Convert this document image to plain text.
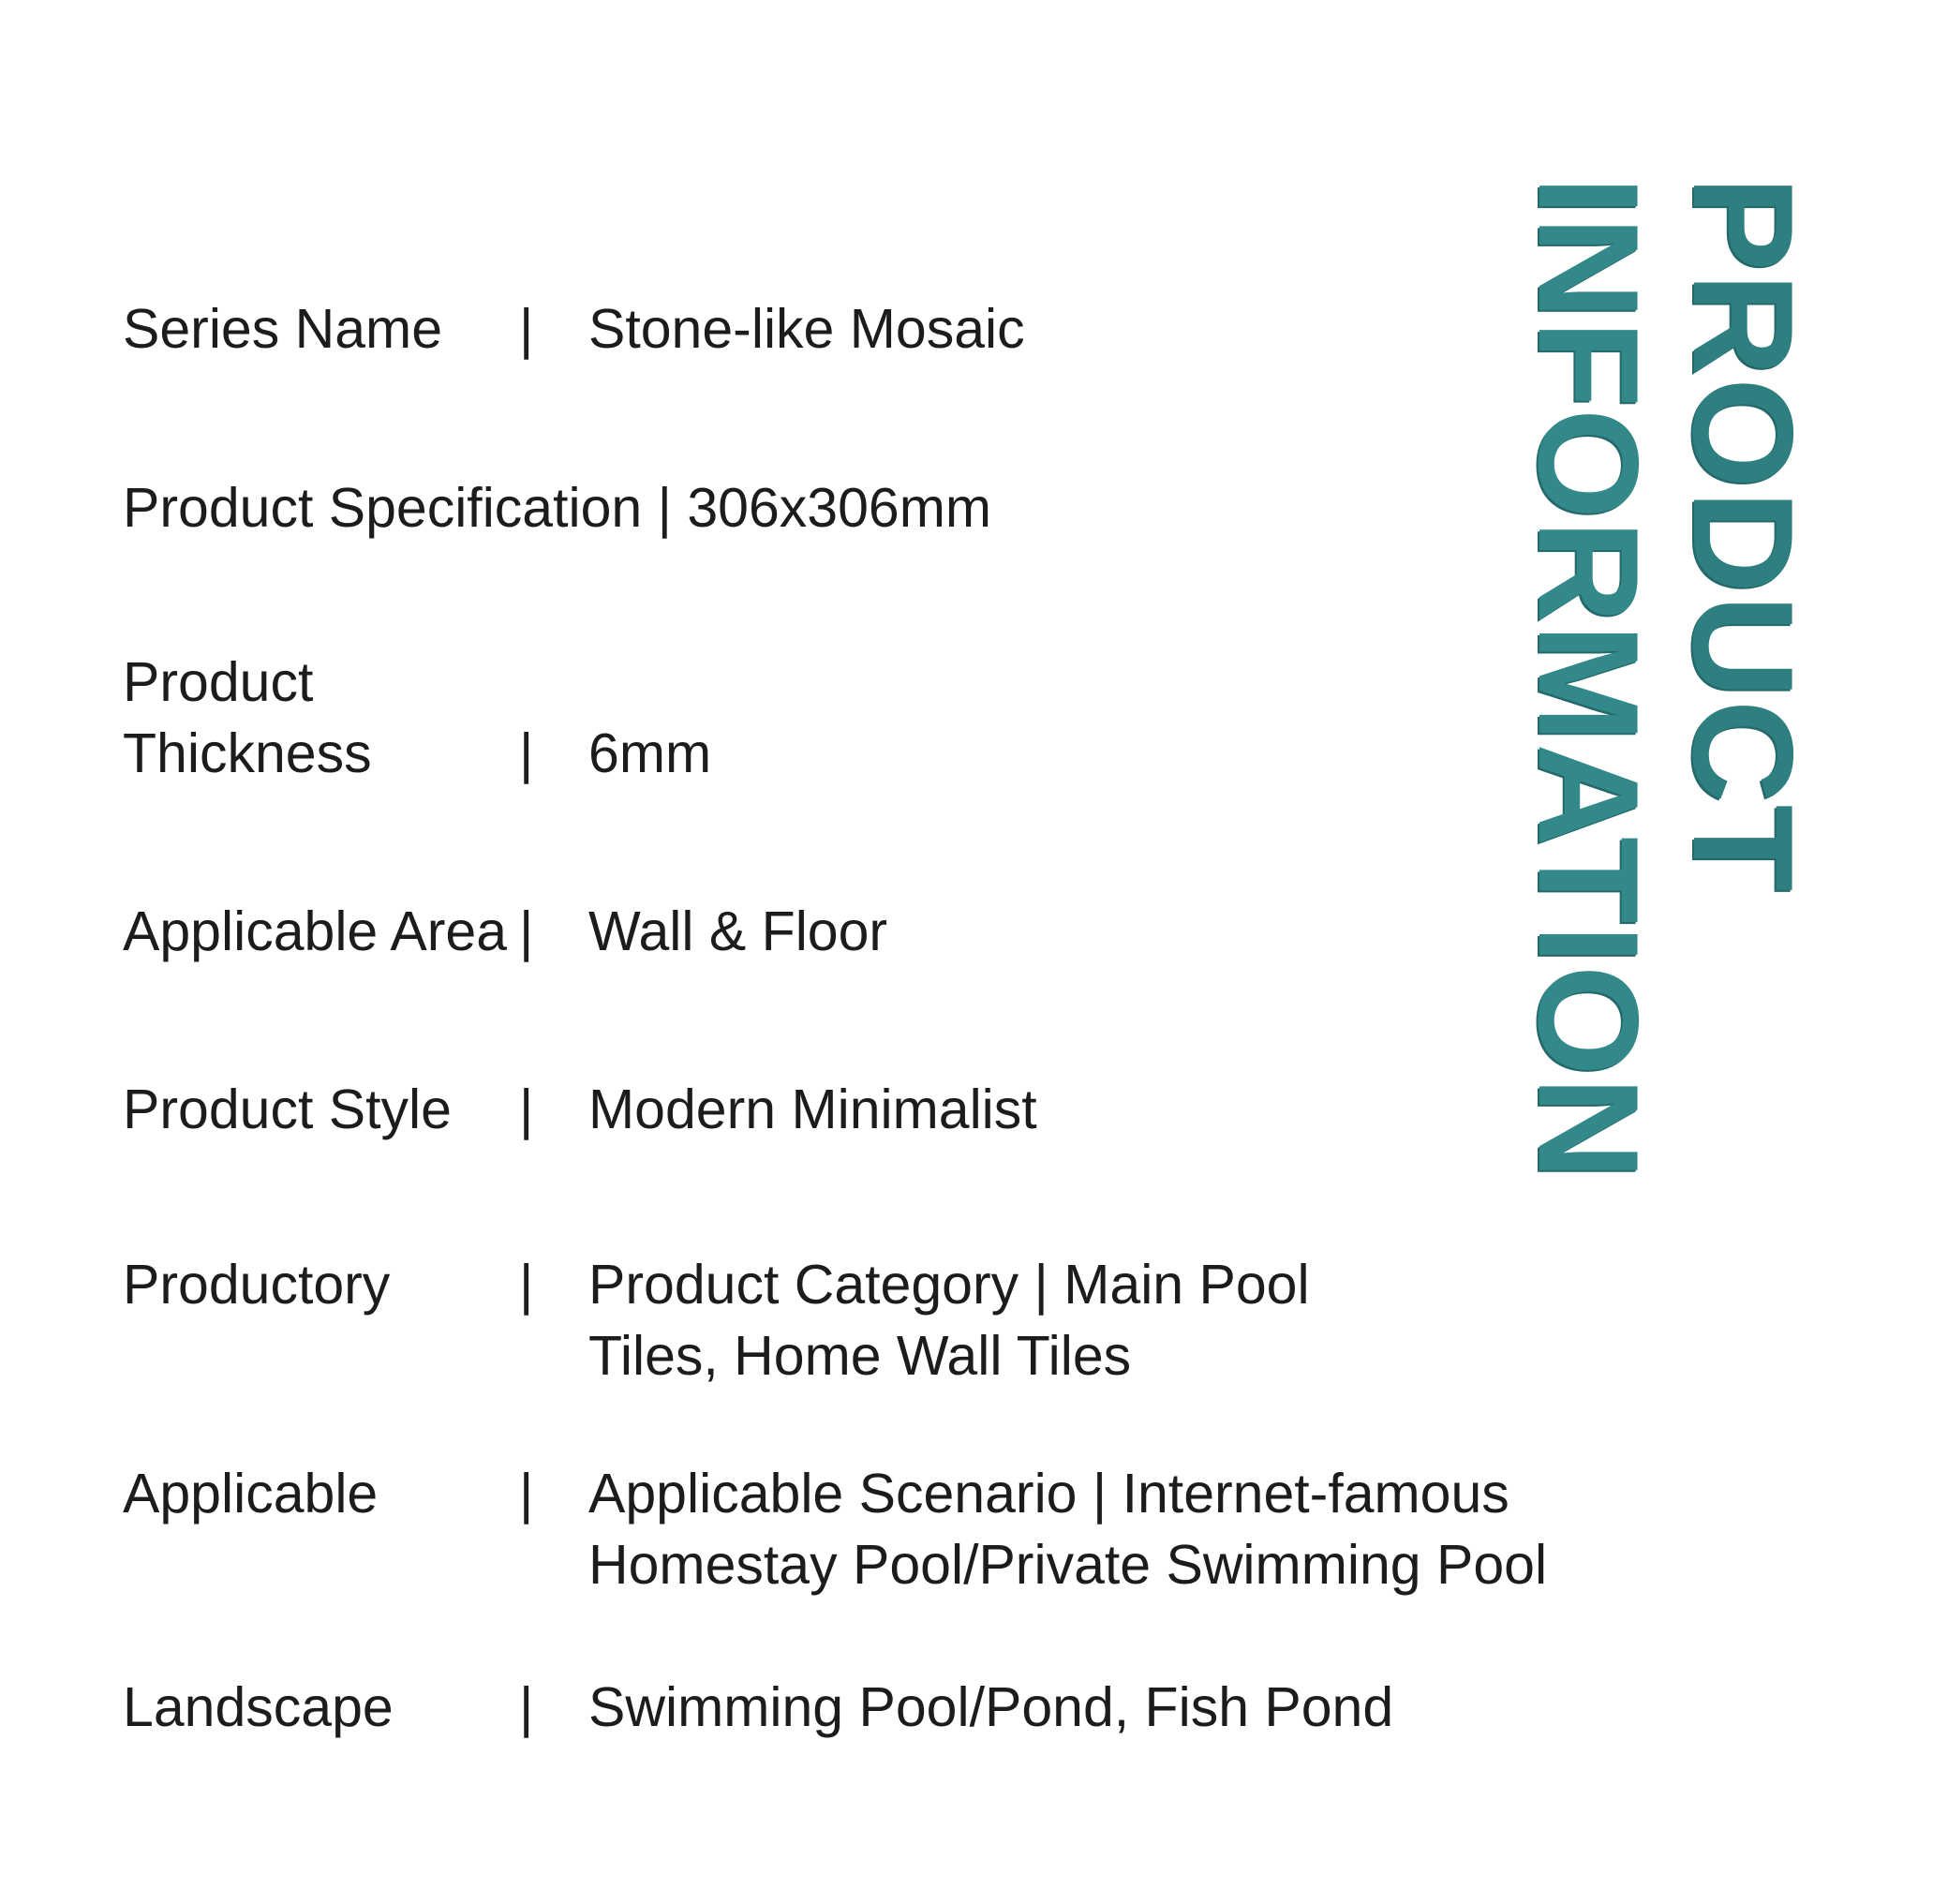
Series Name | Stone-like Mosaic
Product Specification | 306x306mm
Product
Thickness	| 6mm
Applicable Area | Wall & Floor
Product Style | Modern Minimalist
Productory | Product Category | Main Pool
Tiles, Home Wall Tiles
Applicable	| Applicable Scenario | Internet-famous
Homestay Pool/Private Swimming Pool
Landscape | Swimming Pool/Pond, Fish Pond
PRODUCT
INFORMATION
